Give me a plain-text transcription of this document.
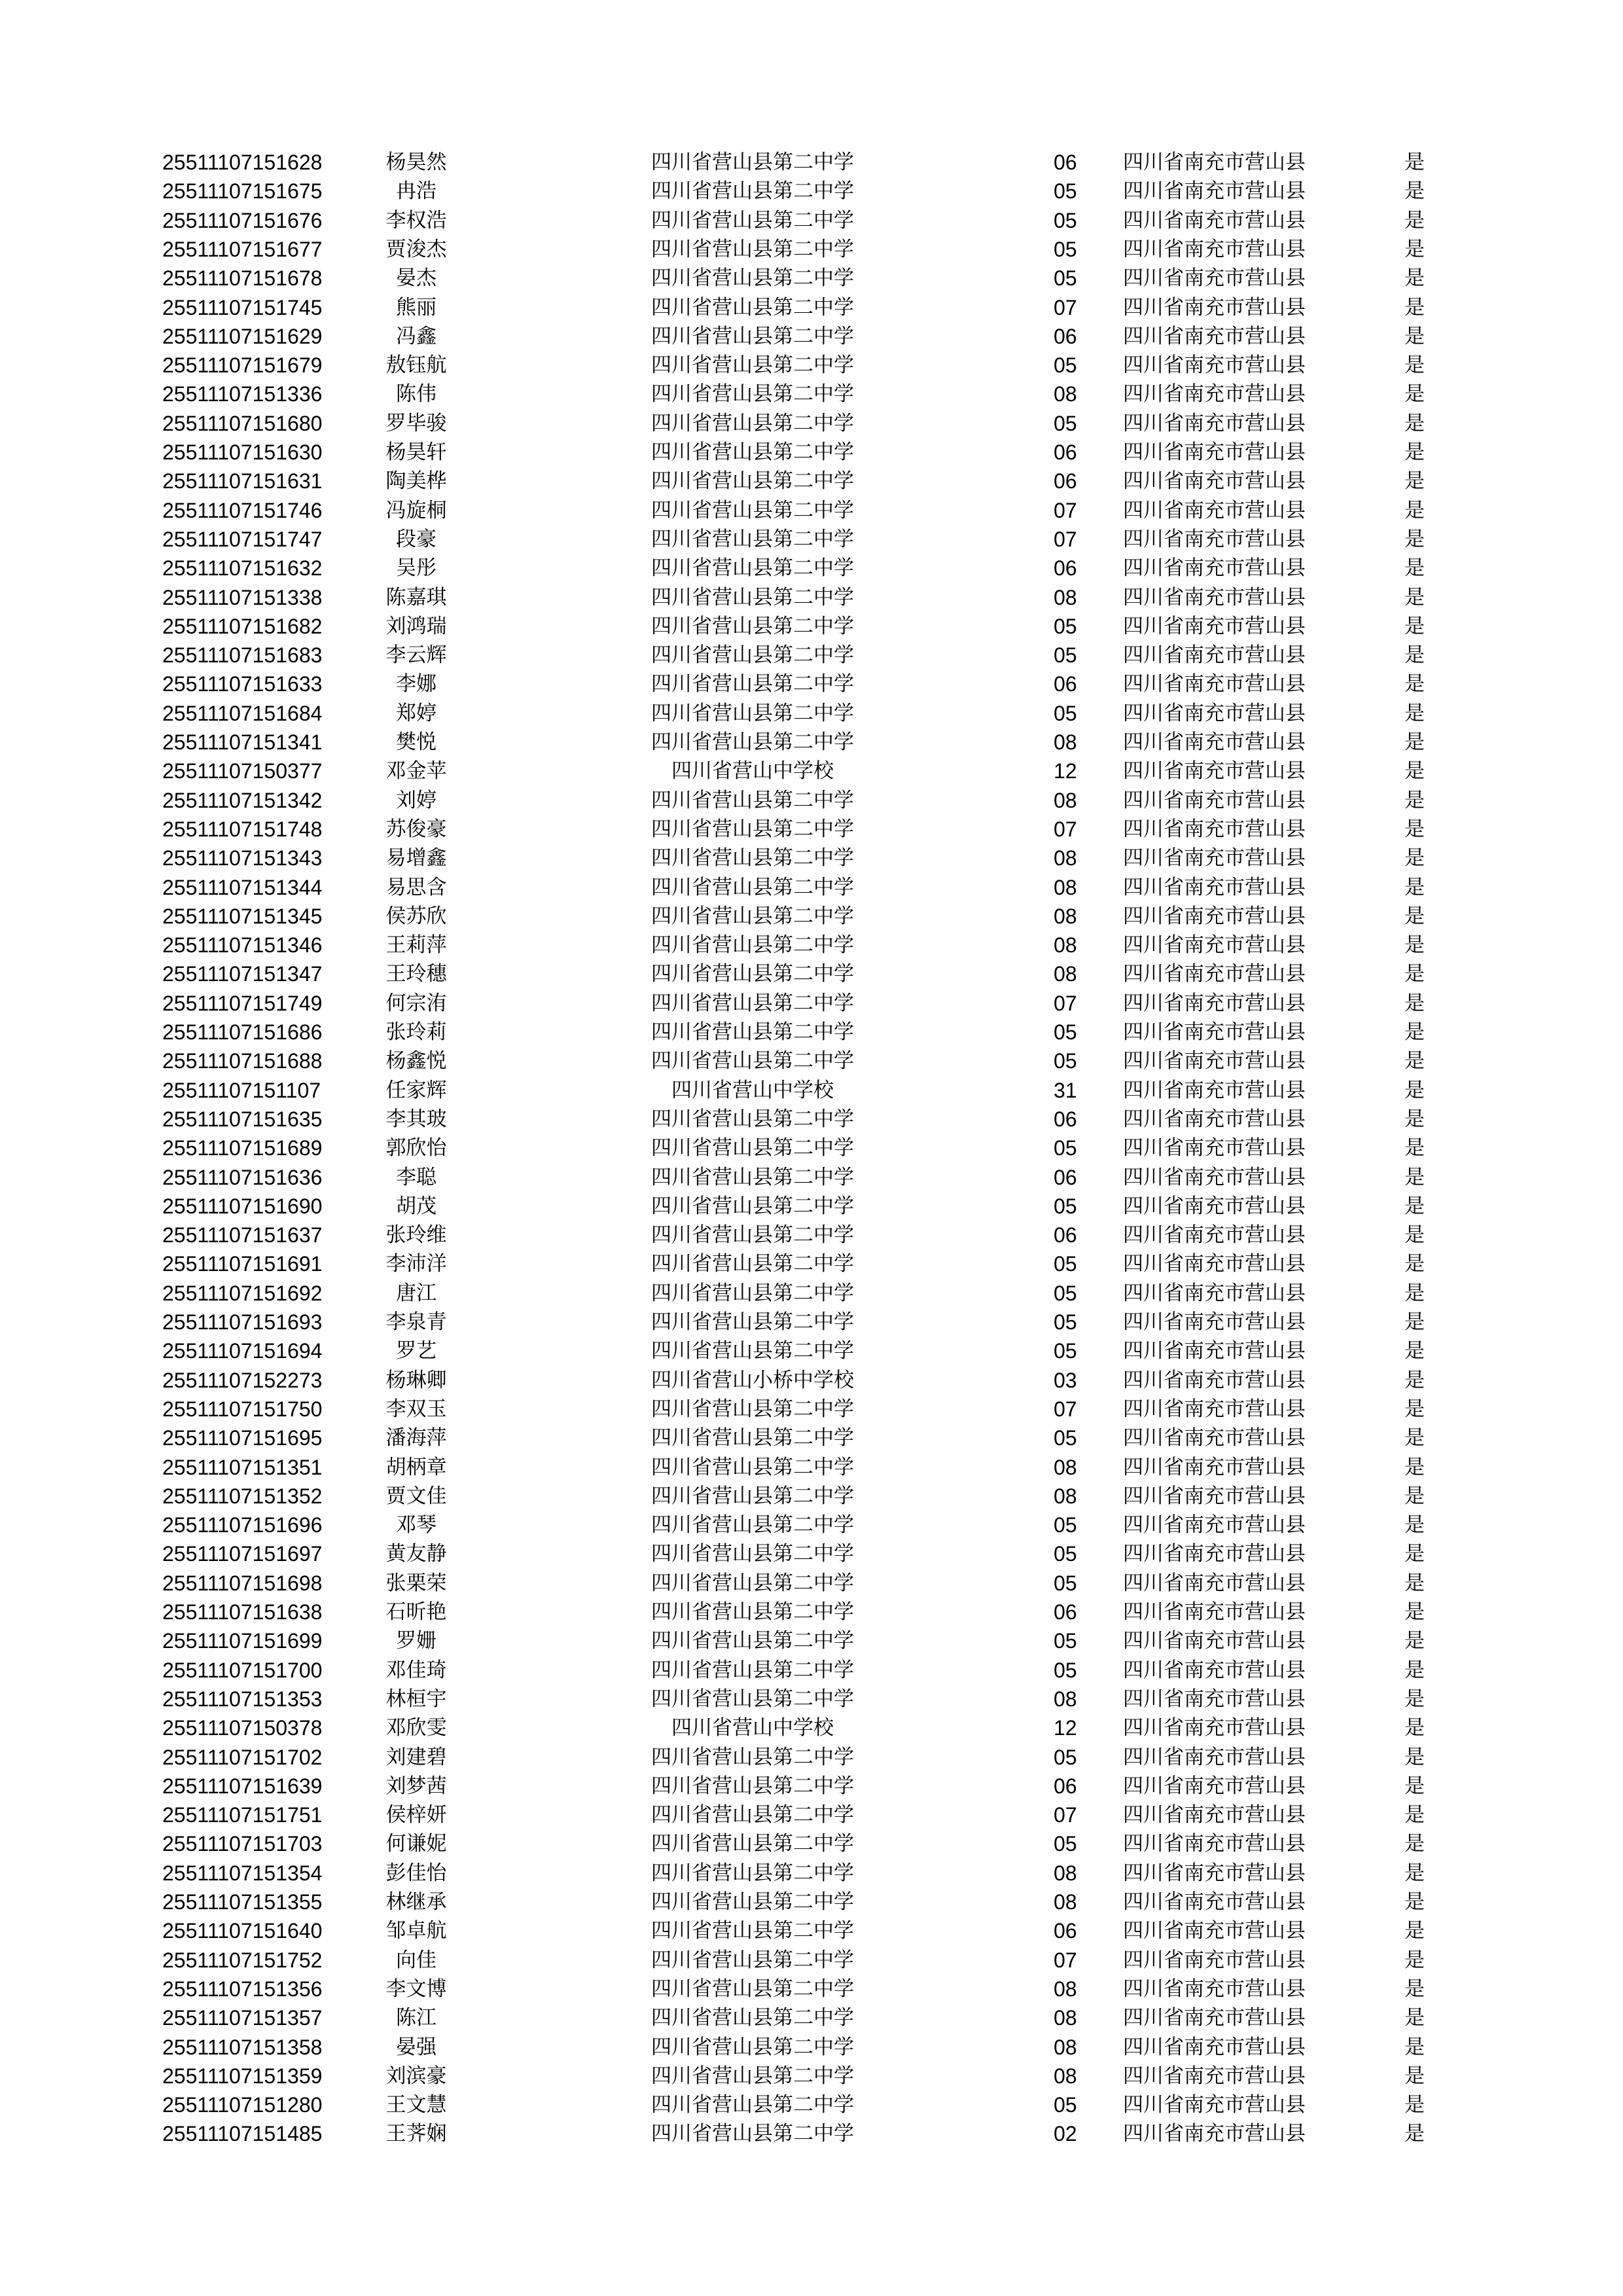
25511107151628	杨昊然	四川省营山县第二中学	06	四川省南充市营山县	是
25511107151675	冉浩	四川省营山县第二中学	05	四川省南充市营山县	是
25511107151676	李权浩	四川省营山县第二中学	05	四川省南充市营山县	是
25511107151677	贾浚杰	四川省营山县第二中学	05	四川省南充市营山县	是
25511107151678	晏杰	四川省营山县第二中学	05	四川省南充市营山县	是
25511107151745	熊丽	四川省营山县第二中学	07	四川省南充市营山县	是
25511107151629	冯鑫	四川省营山县第二中学	06	四川省南充市营山县	是
25511107151679	敖钰航	四川省营山县第二中学	05	四川省南充市营山县	是
25511107151336	陈伟	四川省营山县第二中学	08	四川省南充市营山县	是
25511107151680	罗毕骏	四川省营山县第二中学	05	四川省南充市营山县	是
25511107151630	杨昊轩	四川省营山县第二中学	06	四川省南充市营山县	是
25511107151631	陶美桦	四川省营山县第二中学	06	四川省南充市营山县	是
25511107151746	冯旋桐	四川省营山县第二中学	07	四川省南充市营山县	是
25511107151747	段豪	四川省营山县第二中学	07	四川省南充市营山县	是
25511107151632	吴彤	四川省营山县第二中学	06	四川省南充市营山县	是
25511107151338	陈嘉琪	四川省营山县第二中学	08	四川省南充市营山县	是
25511107151682	刘鸿瑞	四川省营山县第二中学	05	四川省南充市营山县	是
25511107151683	李云辉	四川省营山县第二中学	05	四川省南充市营山县	是
25511107151633	李娜	四川省营山县第二中学	06	四川省南充市营山县	是
25511107151684	郑婷	四川省营山县第二中学	05	四川省南充市营山县	是
25511107151341	樊悦	四川省营山县第二中学	08	四川省南充市营山县	是
25511107150377	邓金苹	四川省营山中学校	12	四川省南充市营山县	是
25511107151342	刘婷	四川省营山县第二中学	08	四川省南充市营山县	是
25511107151748	苏俊豪	四川省营山县第二中学	07	四川省南充市营山县	是
25511107151343	易增鑫	四川省营山县第二中学	08	四川省南充市营山县	是
25511107151344	易思含	四川省营山县第二中学	08	四川省南充市营山县	是
25511107151345	侯苏欣	四川省营山县第二中学	08	四川省南充市营山县	是
25511107151346	王莉萍	四川省营山县第二中学	08	四川省南充市营山县	是
25511107151347	王玲穗	四川省营山县第二中学	08	四川省南充市营山县	是
25511107151749	何宗洧	四川省营山县第二中学	07	四川省南充市营山县	是
25511107151686	张玲莉	四川省营山县第二中学	05	四川省南充市营山县	是
25511107151688	杨鑫悦	四川省营山县第二中学	05	四川省南充市营山县	是
25511107151107	任家辉	四川省营山中学校	31	四川省南充市营山县	是
25511107151635	李其玻	四川省营山县第二中学	06	四川省南充市营山县	是
25511107151689	郭欣怡	四川省营山县第二中学	05	四川省南充市营山县	是
25511107151636	李聪	四川省营山县第二中学	06	四川省南充市营山县	是
25511107151690	胡茂	四川省营山县第二中学	05	四川省南充市营山县	是
25511107151637	张玲维	四川省营山县第二中学	06	四川省南充市营山县	是
25511107151691	李沛洋	四川省营山县第二中学	05	四川省南充市营山县	是
25511107151692	唐江	四川省营山县第二中学	05	四川省南充市营山县	是
25511107151693	李泉青	四川省营山县第二中学	05	四川省南充市营山县	是
25511107151694	罗艺	四川省营山县第二中学	05	四川省南充市营山县	是
25511107152273	杨琳卿	四川省营山小桥中学校	03	四川省南充市营山县	是
25511107151750	李双玉	四川省营山县第二中学	07	四川省南充市营山县	是
25511107151695	潘海萍	四川省营山县第二中学	05	四川省南充市营山县	是
25511107151351	胡柄章	四川省营山县第二中学	08	四川省南充市营山县	是
25511107151352	贾文佳	四川省营山县第二中学	08	四川省南充市营山县	是
25511107151696	邓琴	四川省营山县第二中学	05	四川省南充市营山县	是
25511107151697	黄友静	四川省营山县第二中学	05	四川省南充市营山县	是
25511107151698	张栗荣	四川省营山县第二中学	05	四川省南充市营山县	是
25511107151638	石昕艳	四川省营山县第二中学	06	四川省南充市营山县	是
25511107151699	罗姗	四川省营山县第二中学	05	四川省南充市营山县	是
25511107151700	邓佳琦	四川省营山县第二中学	05	四川省南充市营山县	是
25511107151353	林桓宇	四川省营山县第二中学	08	四川省南充市营山县	是
25511107150378	邓欣雯	四川省营山中学校	12	四川省南充市营山县	是
25511107151702	刘建碧	四川省营山县第二中学	05	四川省南充市营山县	是
25511107151639	刘梦茜	四川省营山县第二中学	06	四川省南充市营山县	是
25511107151751	侯梓妍	四川省营山县第二中学	07	四川省南充市营山县	是
25511107151703	何谦妮	四川省营山县第二中学	05	四川省南充市营山县	是
25511107151354	彭佳怡	四川省营山县第二中学	08	四川省南充市营山县	是
25511107151355	林继承	四川省营山县第二中学	08	四川省南充市营山县	是
25511107151640	邹卓航	四川省营山县第二中学	06	四川省南充市营山县	是
25511107151752	向佳	四川省营山县第二中学	07	四川省南充市营山县	是
25511107151356	李文博	四川省营山县第二中学	08	四川省南充市营山县	是
25511107151357	陈江	四川省营山县第二中学	08	四川省南充市营山县	是
25511107151358	晏强	四川省营山县第二中学	08	四川省南充市营山县	是
25511107151359	刘滨豪	四川省营山县第二中学	08	四川省南充市营山县	是
25511107151280	王文慧	四川省营山县第二中学	05	四川省南充市营山县	是
25511107151485	王荠娴	四川省营山县第二中学	02	四川省南充市营山县	是
